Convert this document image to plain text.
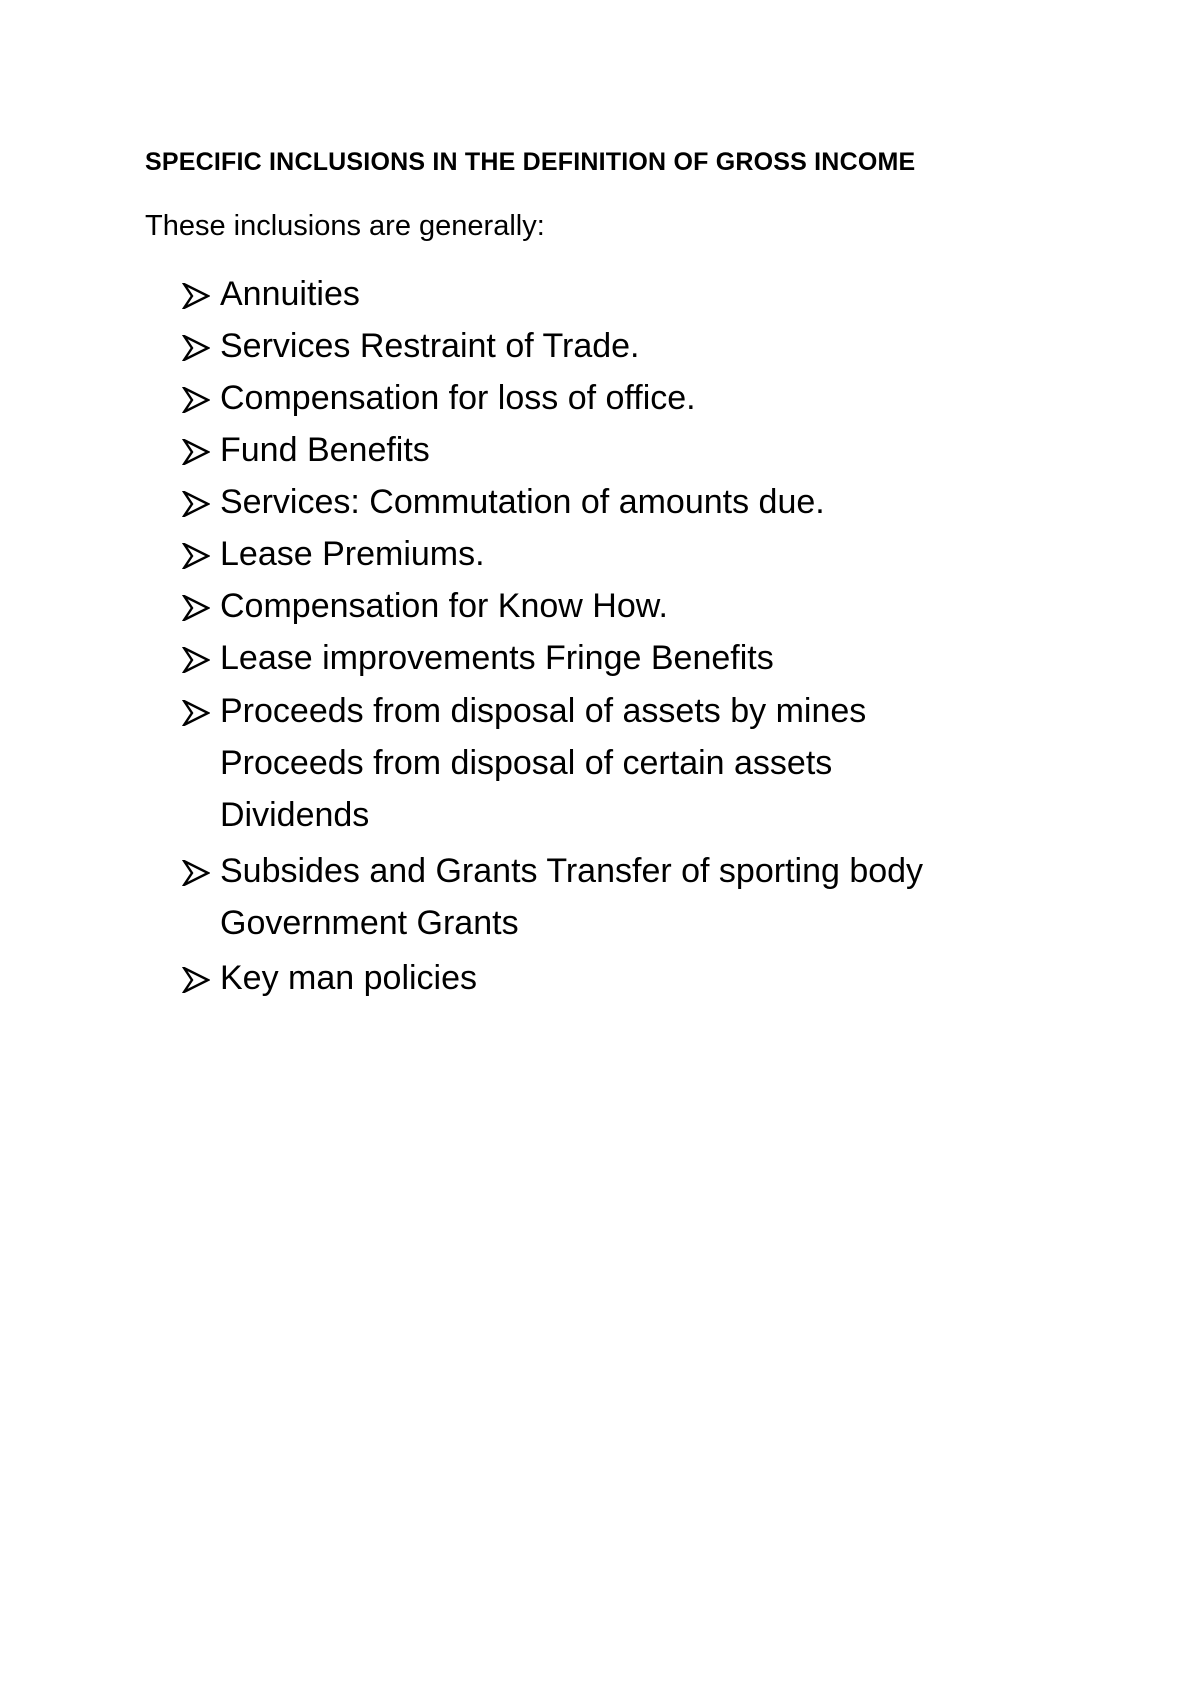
SPECIFIC INCLUSIONS IN THE DEFINITION OF GROSS INCOME
These inclusions are generally:
Annuities
Services Restraint of Trade.
Compensation for loss of office.
Fund Benefits
Services: Commutation of amounts due.
Lease Premiums.
Compensation for Know How.
Lease improvements Fringe Benefits
Proceeds from disposal of assets by mines
Proceeds from disposal of certain assets
Dividends
Subsides and Grants Transfer of sporting body
Government Grants
Key man policies
